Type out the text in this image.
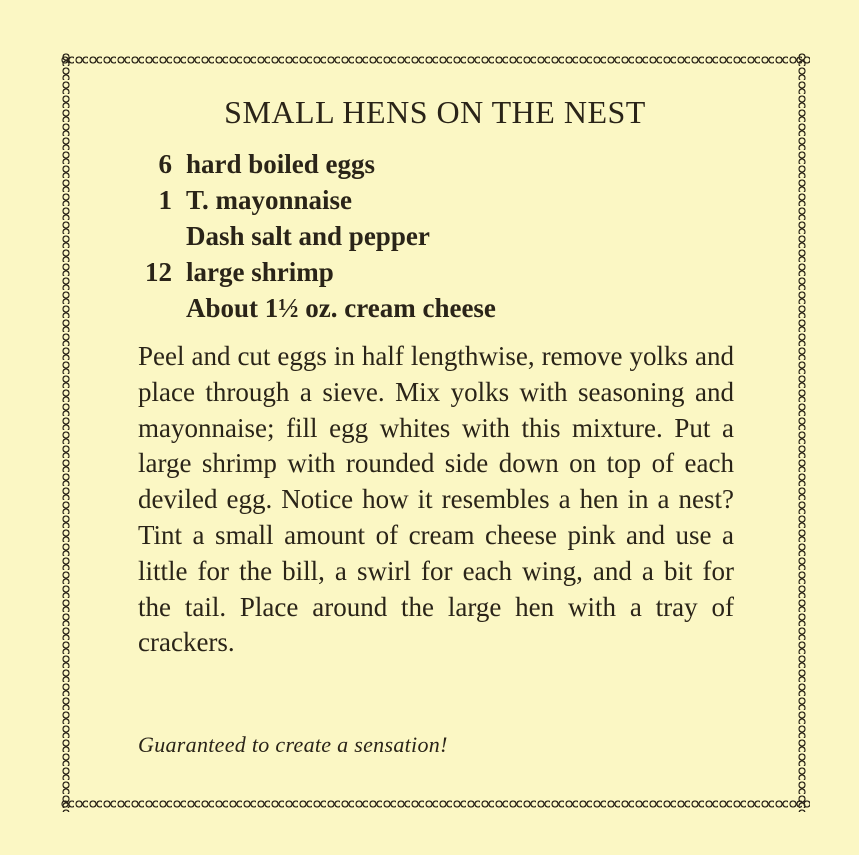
SMALL HENS ON THE NEST
6 hard boiled eggs
1 T. mayonnaise
Dash salt and pepper
12 large shrimp
About 1½ oz. cream cheese

Peel and cut eggs in half lengthwise, remove yolks and place through a sieve. Mix yolks with seasoning and mayonnaise; fill egg whites with this mixture. Put a large shrimp with rounded side down on top of each deviled egg. Notice how it resembles a hen in a nest? Tint a small amount of cream cheese pink and use a little for the bill, a swirl for each wing, and a bit for the tail. Place around the large hen with a tray of crackers.

Guaranteed to create a sensation!
